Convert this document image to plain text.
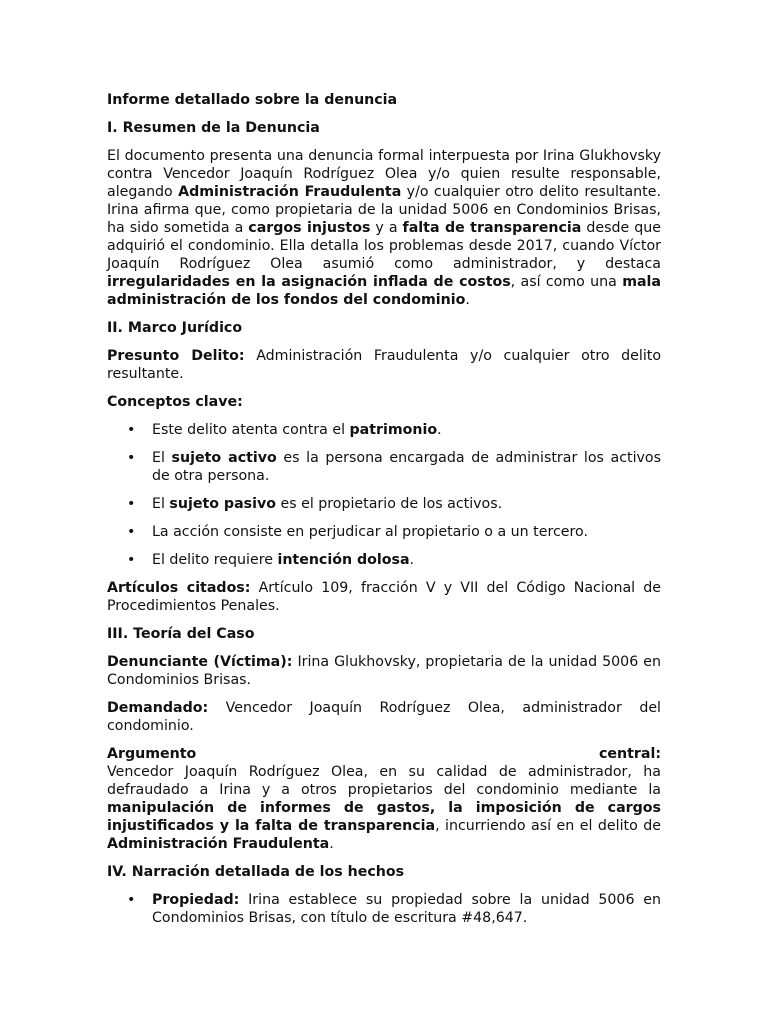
Informe detallado sobre la denuncia

I. Resumen de la Denuncia

El documento presenta una denuncia formal interpuesta por Irina Glukhovsky contra Vencedor Joaquín Rodríguez Olea y/o quien resulte responsable, alegando Administración Fraudulenta y/o cualquier otro delito resultante. Irina afirma que, como propietaria de la unidad 5006 en Condominios Brisas, ha sido sometida a cargos injustos y a falta de transparencia desde que adquirió el condominio. Ella detalla los problemas desde 2017, cuando Víctor Joaquín Rodríguez Olea asumió como administrador, y destaca irregularidades en la asignación inflada de costos, así como una mala administración de los fondos del condominio.

II. Marco Jurídico

Presunto Delito: Administración Fraudulenta y/o cualquier otro delito resultante.

Conceptos clave:

• Este delito atenta contra el patrimonio.
• El sujeto activo es la persona encargada de administrar los activos de otra persona.
• El sujeto pasivo es el propietario de los activos.
• La acción consiste en perjudicar al propietario o a un tercero.
• El delito requiere intención dolosa.

Artículos citados: Artículo 109, fracción V y VII del Código Nacional de Procedimientos Penales.

III. Teoría del Caso

Denunciante (Víctima): Irina Glukhovsky, propietaria de la unidad 5006 en Condominios Brisas.

Demandado: Vencedor Joaquín Rodríguez Olea, administrador del condominio.

Argumento	central:

Vencedor Joaquín Rodríguez Olea, en su calidad de administrador, ha defraudado a Irina y a otros propietarios del condominio mediante la manipulación de informes de gastos, la imposición de cargos injustificados y la falta de transparencia, incurriendo así en el delito de Administración Fraudulenta.

IV. Narración detallada de los hechos
• Propiedad: Irina establece su propiedad sobre la unidad 5006 en Condominios Brisas, con título de escritura #48,647.
